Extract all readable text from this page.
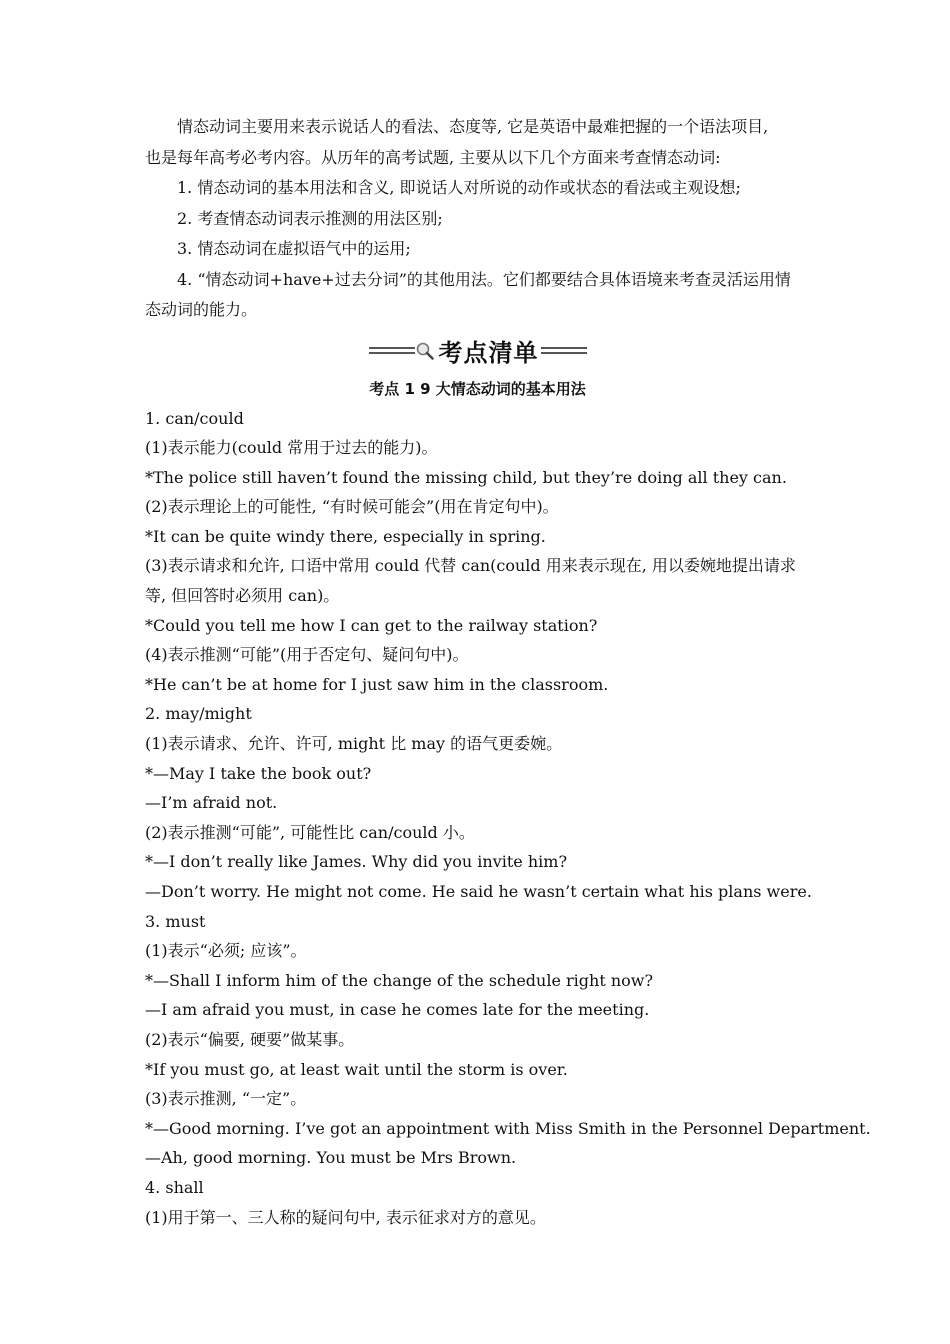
情态动词主要用来表示说话人的看法、态度等, 它是英语中最难把握的一个语法项目,

也是每年高考必考内容。从历年的高考试题, 主要从以下几个方面来考查情态动词:

1. 情态动词的基本用法和含义, 即说话人对所说的动作或状态的看法或主观设想;

2. 考查情态动词表示推测的用法区别;

3. 情态动词在虚拟语气中的运用;

4. “情态动词+have+过去分词”的其他用法。它们都要结合具体语境来考查灵活运用情

态动词的能力。

考点清单
考点 1 9 大情态动词的基本用法

1. can/could

(1)表示能力(could 常用于过去的能力)。

*The police still haven’t found the missing child, but they’re doing all they can.

(2)表示理论上的可能性, “有时候可能会”(用在肯定句中)。

*It can be quite windy there, especially in spring.

(3)表示请求和允许, 口语中常用 could 代替 can(could 用来表示现在, 用以委婉地提出请求

等, 但回答时必须用 can)。

*Could you tell me how I can get to the railway station?

(4)表示推测“可能”(用于否定句、疑问句中)。

*He can’t be at home for I just saw him in the classroom.

2. may/might

(1)表示请求、允许、许可, might 比 may 的语气更委婉。

*—May I take the book out?

—I’m afraid not.

(2)表示推测“可能”, 可能性比 can/could 小。

*—I don’t really like James. Why did you invite him?

—Don’t worry. He might not come. He said he wasn’t certain what his plans were.

3. must

(1)表示“必须; 应该”。

*—Shall I inform him of the change of the schedule right now?

—I am afraid you must, in case he comes late for the meeting.

(2)表示“偏要, 硬要”做某事。

*If you must go, at least wait until the storm is over.

(3)表示推测, “一定”。

*—Good morning. I’ve got an appointment with Miss Smith in the Personnel Department.

—Ah, good morning. You must be Mrs Brown.

4. shall

(1)用于第一、三人称的疑问句中, 表示征求对方的意见。
